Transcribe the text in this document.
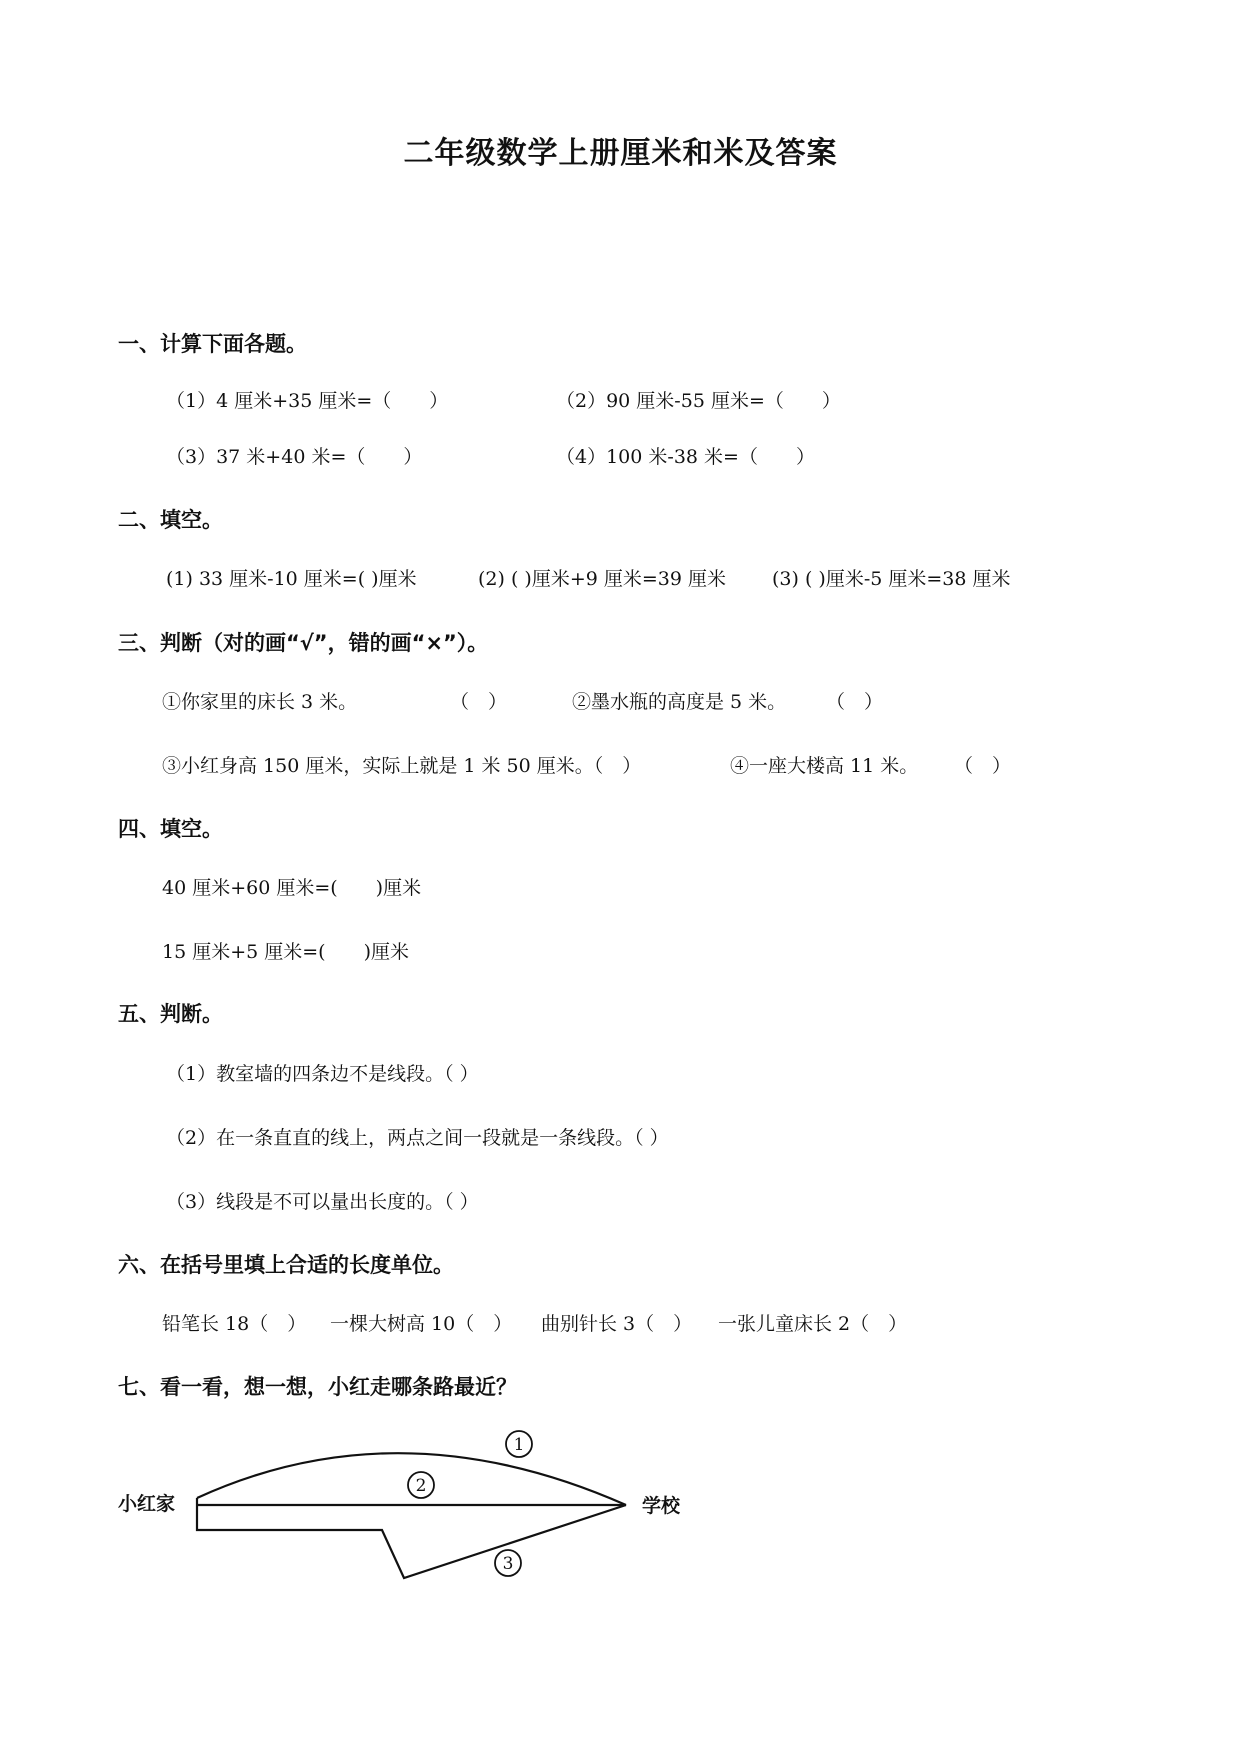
二年级数学上册厘米和米及答案
一、计算下面各题。
（1）4 厘米+35 厘米=（　　）	（2）90 厘米-55 厘米=（　　）
（3）37 米+40 米=（　　）	（4）100 米-38 米=（　　）
二、填空。
(1) 33 厘米-10 厘米=( )厘米	(2) ( )厘米+9 厘米=39 厘米 (3) ( )厘米-5 厘米=38 厘米
三、判断（对的画“√”，错的画“×”）。
①你家里的床长 3 米。	（　）	②墨水瓶的高度是 5 米。 （　）
③小红身高 150 厘米，实际上就是 1 米 50 厘米。（　）	④一座大楼高 11 米。 （　）
四、填空。
40 厘米+60 厘米=(　　)厘米
15 厘米+5 厘米=(　　)厘米
五、判断。
（1）教室墙的四条边不是线段。（ ）
（2）在一条直直的线上，两点之间一段就是一条线段。（ ）
（3）线段是不可以量出长度的。（ ）
六、在括号里填上合适的长度单位。
铅笔长 18（　） 一棵大树高 10（　） 曲别针长 3（　） 一张儿童床长 2（　）
七、看一看，想一想，小红走哪条路最近？
小红家	学校
1
2
3
